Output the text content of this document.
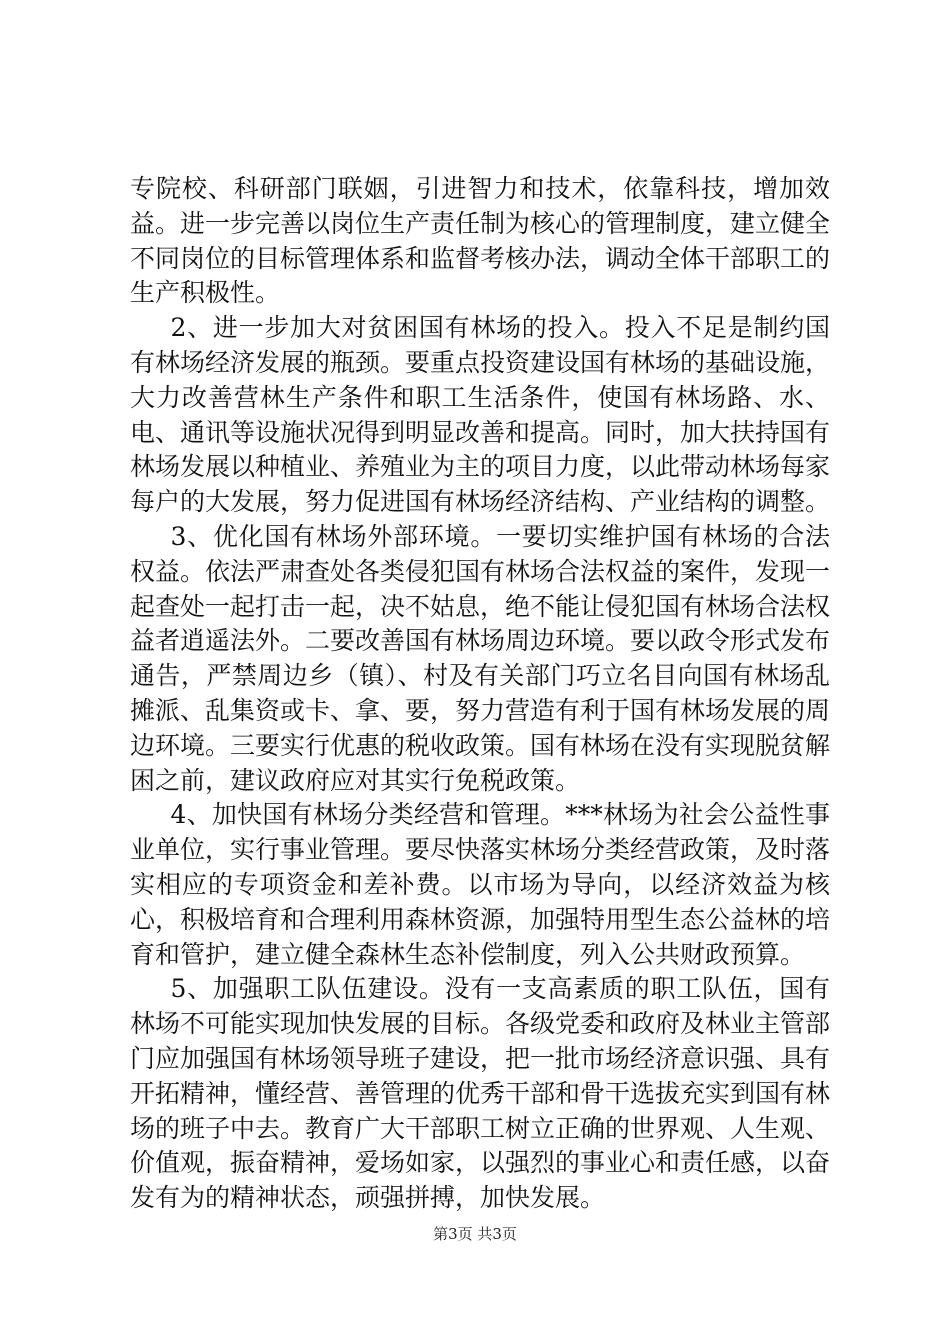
专院校、科研部门联姻，引进智力和技术，依靠科技，增加效益。进一步完善以岗位生产责任制为核心的管理制度，建立健全不同岗位的目标管理体系和监督考核办法，调动全体干部职工的生产积极性。

2、进一步加大对贫困国有林场的投入。投入不足是制约国有林场经济发展的瓶颈。要重点投资建设国有林场的基础设施，大力改善营林生产条件和职工生活条件，使国有林场路、水、电、通讯等设施状况得到明显改善和提高。同时，加大扶持国有林场发展以种植业、养殖业为主的项目力度，以此带动林场每家每户的大发展，努力促进国有林场经济结构、产业结构的调整。

3、优化国有林场外部环境。一要切实维护国有林场的合法权益。依法严肃查处各类侵犯国有林场合法权益的案件，发现一起查处一起打击一起，决不姑息，绝不能让侵犯国有林场合法权益者逍遥法外。二要改善国有林场周边环境。要以政令形式发布通告，严禁周边乡（镇）、村及有关部门巧立名目向国有林场乱摊派、乱集资或卡、拿、要，努力营造有利于国有林场发展的周边环境。三要实行优惠的税收政策。国有林场在没有实现脱贫解困之前，建议政府应对其实行免税政策。

4、加快国有林场分类经营和管理。***林场为社会公益性事业单位，实行事业管理。要尽快落实林场分类经营政策，及时落实相应的专项资金和差补费。以市场为导向，以经济效益为核心，积极培育和合理利用森林资源，加强特用型生态公益林的培育和管护，建立健全森林生态补偿制度，列入公共财政预算。

5、加强职工队伍建设。没有一支高素质的职工队伍，国有林场不可能实现加快发展的目标。各级党委和政府及林业主管部门应加强国有林场领导班子建设，把一批市场经济意识强、具有开拓精神，懂经营、善管理的优秀干部和骨干选拔充实到国有林场的班子中去。教育广大干部职工树立正确的世界观、人生观、价值观，振奋精神，爱场如家，以强烈的事业心和责任感，以奋发有为的精神状态，顽强拼搏，加快发展。

第3页 共3页
